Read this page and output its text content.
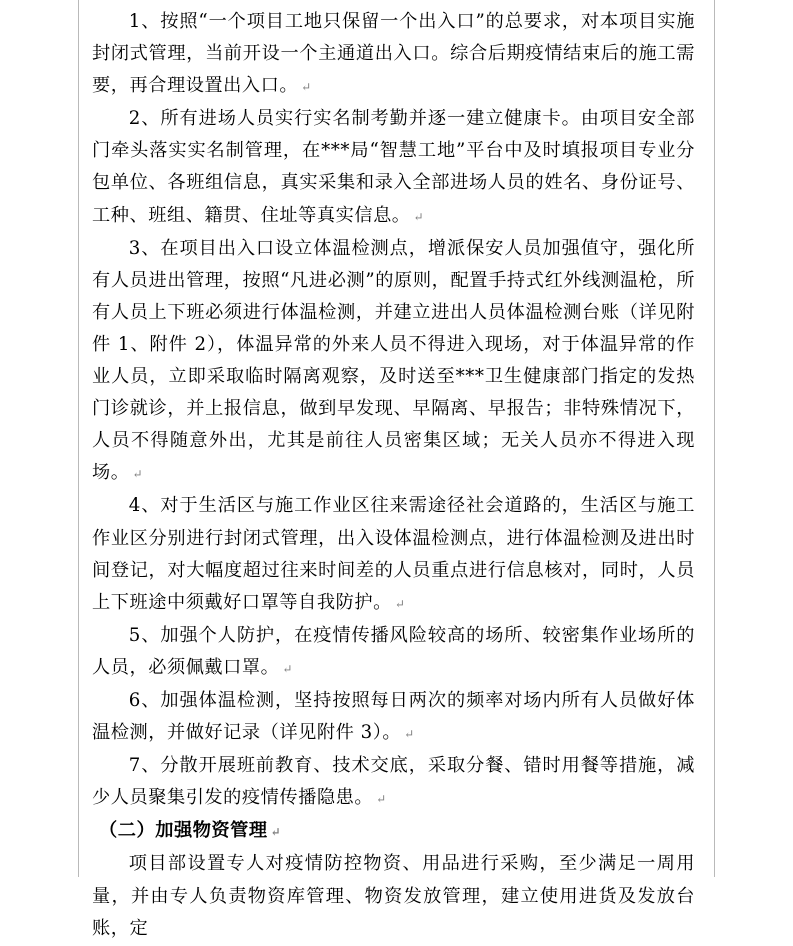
1、按照“一个项目工地只保留一个出入口”的总要求，对本项目实施封闭式管理，当前开设一个主通道出入口。综合后期疫情结束后的施工需要，再合理设置出入口。 ↵

2、所有进场人员实行实名制考勤并逐一建立健康卡。由项目安全部门牵头落实实名制管理，在***局“智慧工地”平台中及时填报项目专业分包单位、各班组信息，真实采集和录入全部进场人员的姓名、身份证号、工种、班组、籍贯、住址等真实信息。 ↵

3、在项目出入口设立体温检测点，增派保安人员加强值守，强化所有人员进出管理，按照“凡进必测”的原则，配置手持式红外线测温枪，所有人员上下班必须进行体温检测，并建立进出人员体温检测台账（详见附件 1、附件 2），体温异常的外来人员不得进入现场，对于体温异常的作业人员，立即采取临时隔离观察，及时送至***卫生健康部门指定的发热门诊就诊，并上报信息，做到早发现、早隔离、早报告；非特殊情况下，人员不得随意外出，尤其是前往人员密集区域；无关人员亦不得进入现场。 ↵

4、对于生活区与施工作业区往来需途径社会道路的，生活区与施工作业区分别进行封闭式管理，出入设体温检测点，进行体温检测及进出时间登记，对大幅度超过往来时间差的人员重点进行信息核对，同时，人员上下班途中须戴好口罩等自我防护。 ↵

5、加强个人防护，在疫情传播风险较高的场所、较密集作业场所的人员，必须佩戴口罩。 ↵

6、加强体温检测，坚持按照每日两次的频率对场内所有人员做好体温检测，并做好记录（详见附件 3）。 ↵

7、分散开展班前教育、技术交底，采取分餐、错时用餐等措施，减少人员聚集引发的疫情传播隐患。 ↵

（二）加强物资管理 ↵

项目部设置专人对疫情防控物资、用品进行采购，至少满足一周用量，并由专人负责物资库管理、物资发放管理，建立使用进货及发放台账，定
